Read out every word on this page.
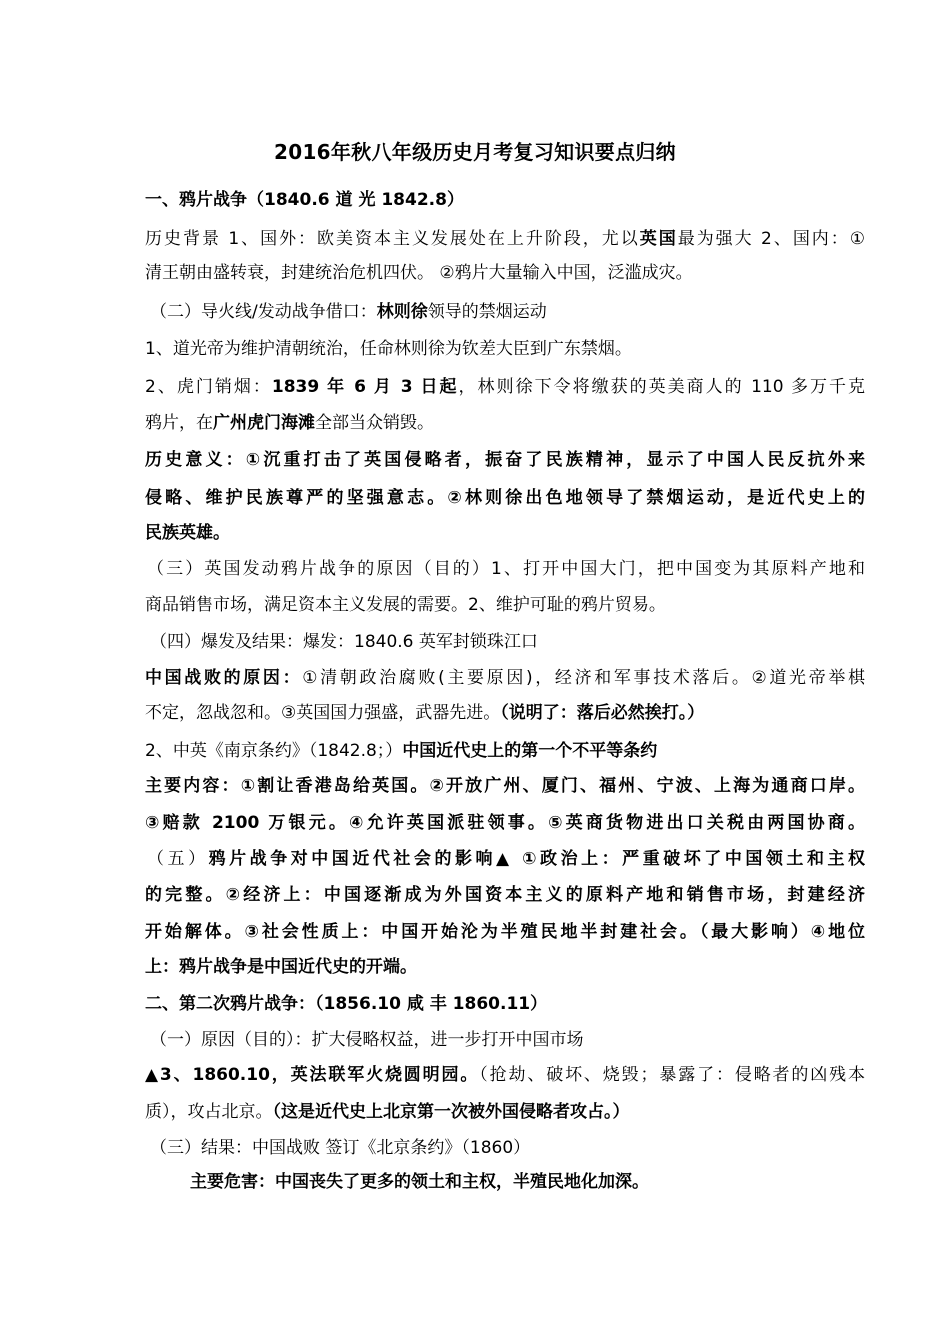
2016年秋八年级历史月考复习知识要点归纳
一、鸦片战争（1840.6 道 光 1842.8）
历史背景 1、国外：欧美资本主义发展处在上升阶段，尤以英国最为强大 2、国内：①
清王朝由盛转衰，封建统治危机四伏。 ②鸦片大量输入中国，泛滥成灾。
（二）导火线/发动战争借口：林则徐领导的禁烟运动
1、道光帝为维护清朝统治，任命林则徐为钦差大臣到广东禁烟。
2、虎门销烟：1839 年 6 月 3 日起，林则徐下令将缴获的英美商人的 110 多万千克
鸦片，在广州虎门海滩全部当众销毁。
历史意义：①沉重打击了英国侵略者，振奋了民族精神，显示了中国人民反抗外来
侵略、维护民族尊严的坚强意志。②林则徐出色地领导了禁烟运动，是近代史上的
民族英雄。
（三）英国发动鸦片战争的原因（目的）1、打开中国大门，把中国变为其原料产地和
商品销售市场，满足资本主义发展的需要。2、维护可耻的鸦片贸易。
（四）爆发及结果：爆发：1840.6 英军封锁珠江口
中国战败的原因：①清朝政治腐败(主要原因)，经济和军事技术落后。②道光帝举棋
不定，忽战忽和。③英国国力强盛，武器先进。（说明了：落后必然挨打。）
2、中英《南京条约》（1842.8；）中国近代史上的第一个不平等条约
主要内容：①割让香港岛给英国。②开放广州、厦门、福州、宁波、上海为通商口岸。
③赔款 2100 万银元。④允许英国派驻领事。⑤英商货物进出口关税由两国协商。
（五）鸦片战争对中国近代社会的影响▲ ①政治上：严重破坏了中国领土和主权
的完整。②经济上：中国逐渐成为外国资本主义的原料产地和销售市场，封建经济
开始解体。③社会性质上：中国开始沦为半殖民地半封建社会。（最大影响）④地位
上：鸦片战争是中国近代史的开端。
二、第二次鸦片战争：（1856.10 咸 丰 1860.11）
（一）原因（目的）：扩大侵略权益，进一步打开中国市场
▲3、1860.10，英法联军火烧圆明园。（抢劫、破坏、烧毁；暴露了：侵略者的凶残本
质），攻占北京。（这是近代史上北京第一次被外国侵略者攻占。）
（三）结果：中国战败 签订《北京条约》（1860）
主要危害：中国丧失了更多的领土和主权，半殖民地化加深。
